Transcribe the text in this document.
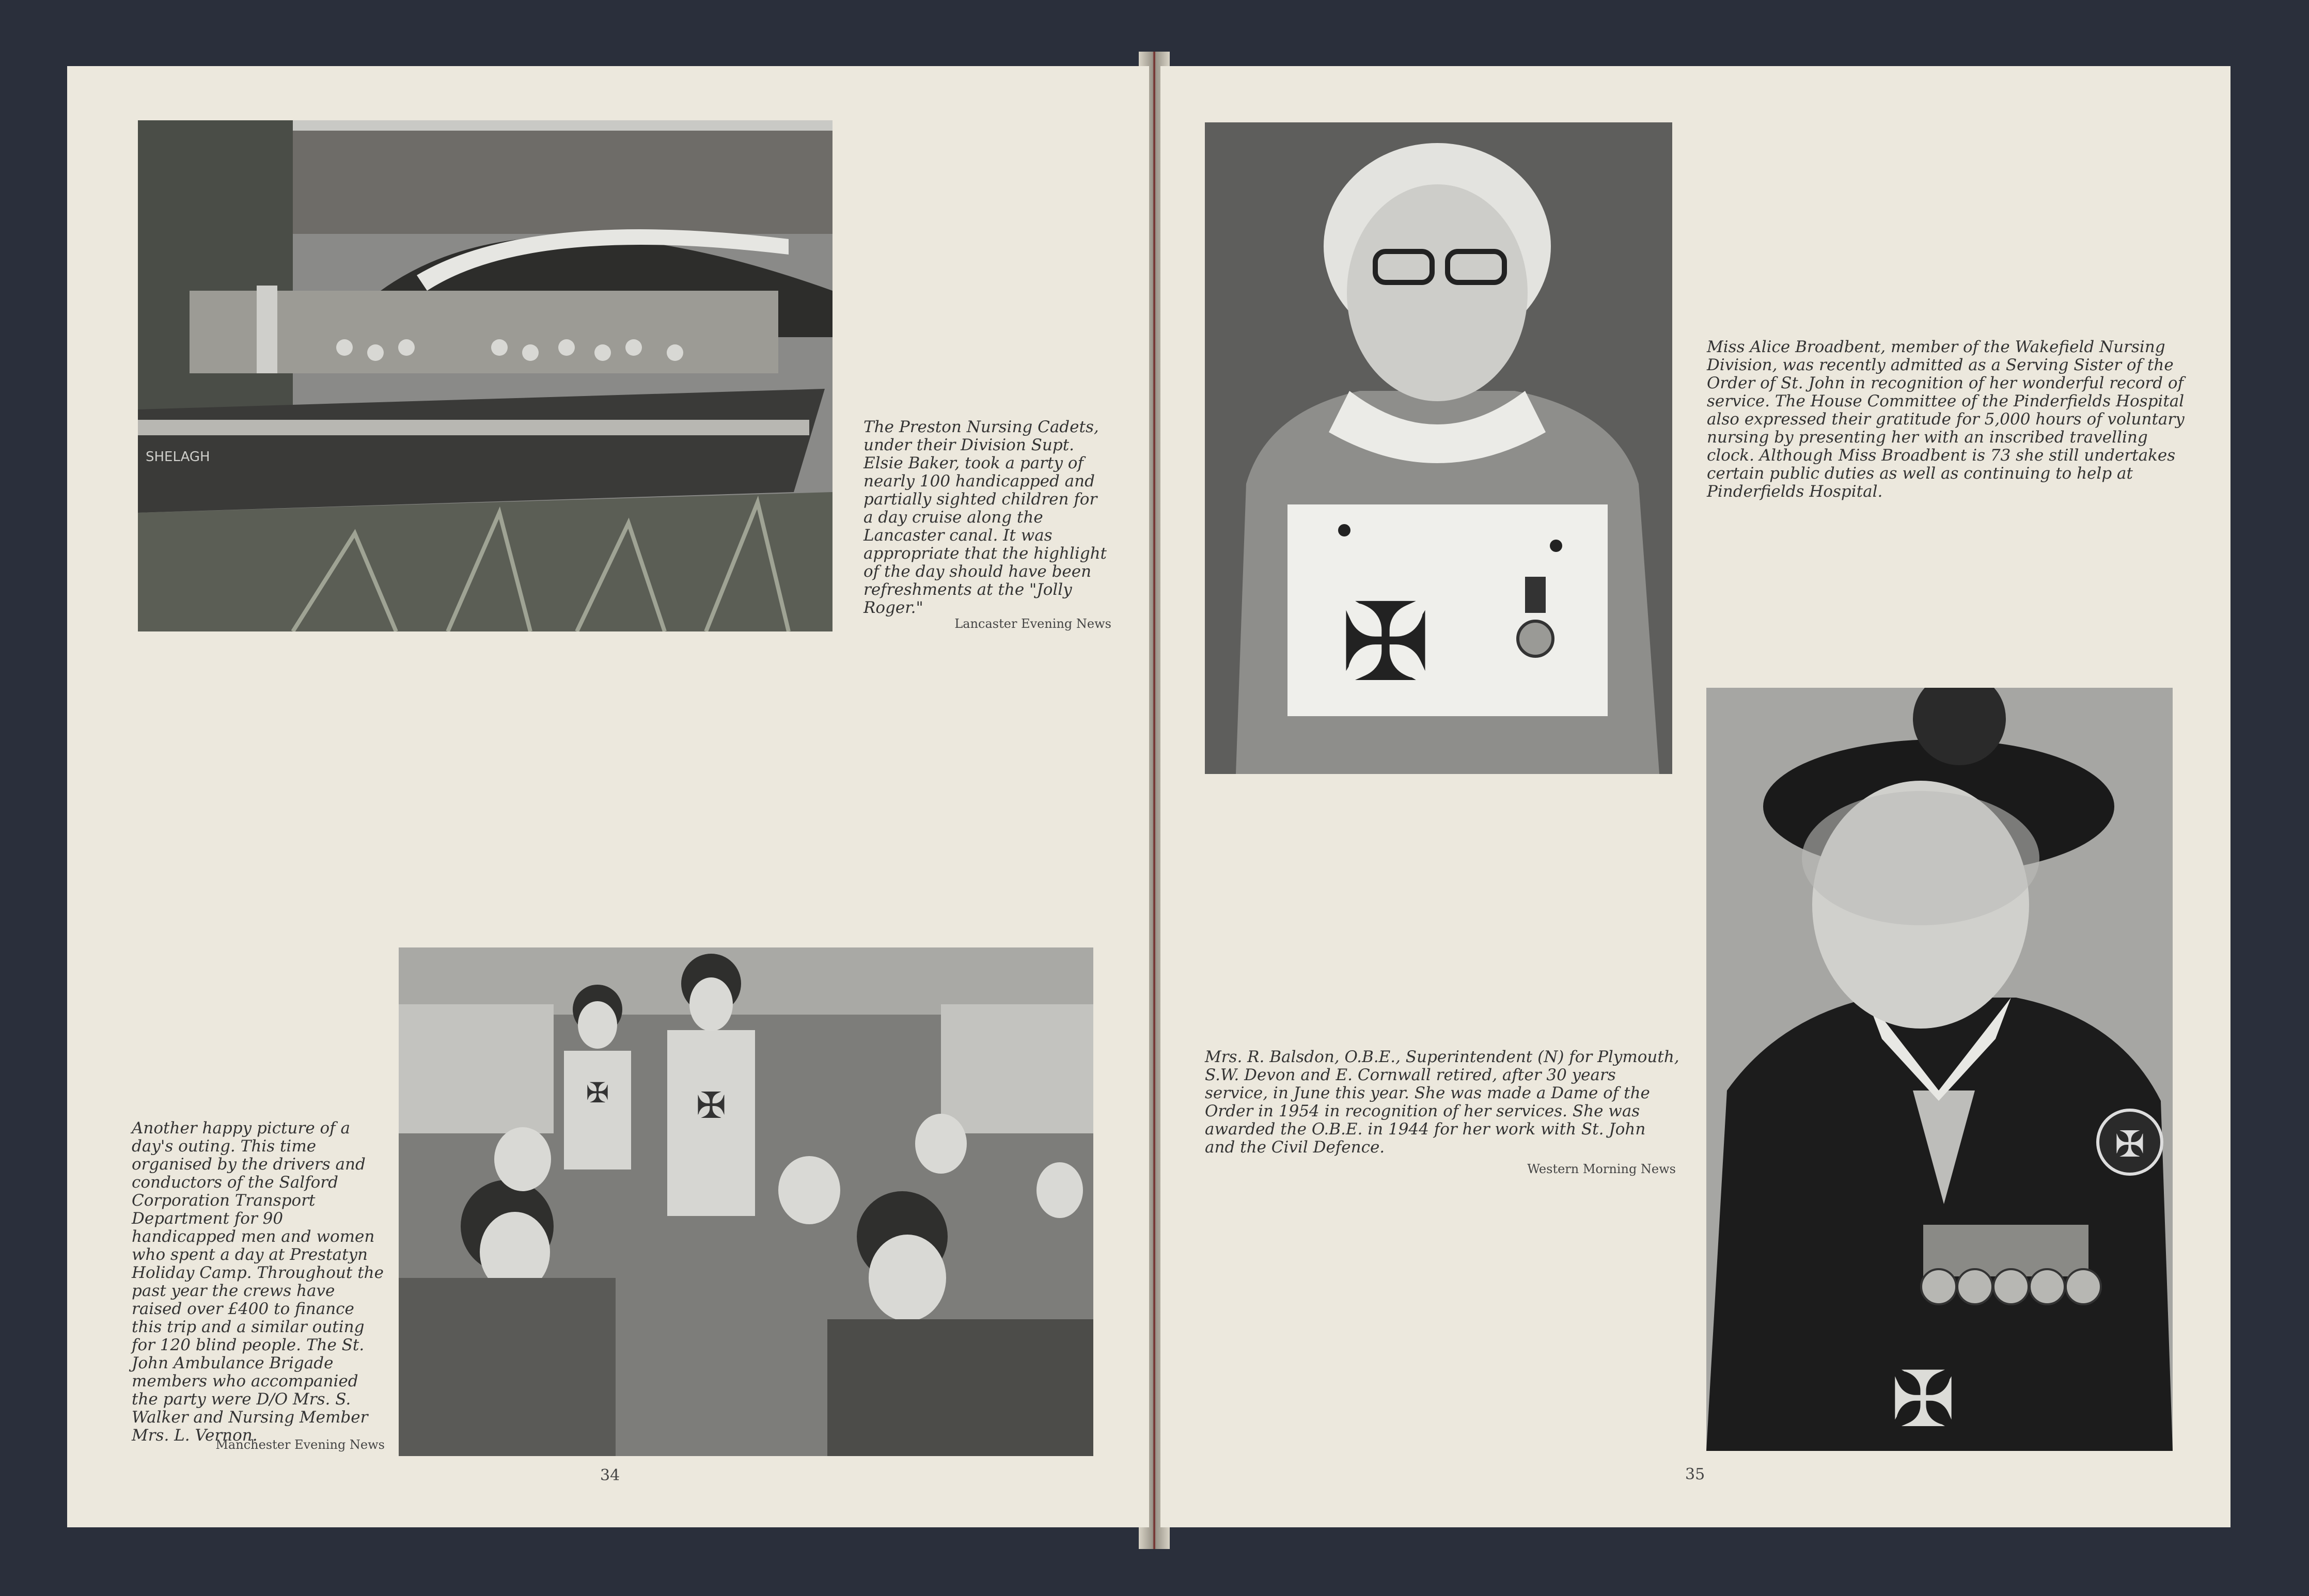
SHELAGH

The Preston Nursing Cadets, under their Division Supt. Elsie Baker, took a party of nearly 100 handicapped and partially sighted children for a day cruise along the Lancaster canal. It was appropriate that the highlight of the day should have been refreshments at the "Jolly Roger."

Lancaster Evening News

✠
✠

Another happy picture of a day's outing. This time organised by the drivers and conductors of the Salford Corporation Transport Department for 90 handicapped men and women who spent a day at Prestatyn Holiday Camp. Throughout the past year the crews have raised over £400 to finance this trip and a similar outing for 120 blind people. The St. John Ambulance Brigade members who accompanied the party were D/O Mrs. S. Walker and Nursing Member Mrs. L. Vernon.

Manchester Evening News

34
✠

Miss Alice Broadbent, member of the Wakefield Nursing Division, was recently admitted as a Serving Sister of the Order of St. John in recognition of her wonderful record of service. The House Committee of the Pinderfields Hospital also expressed their gratitude for 5,000 hours of voluntary nursing by presenting her with an inscribed travelling clock. Although Miss Broadbent is 73 she still undertakes certain public duties as well as continuing to help at Pinderfields Hospital.

Mrs. R. Balsdon, O.B.E., Superintendent (N) for Plymouth, S.W. Devon and E. Cornwall retired, after 30 years service, in June this year. She was made a Dame of the Order in 1954 in recognition of her services. She was awarded the O.B.E. in 1944 for her work with St. John and the Civil Defence.

Western Morning News

✠
✠
35
